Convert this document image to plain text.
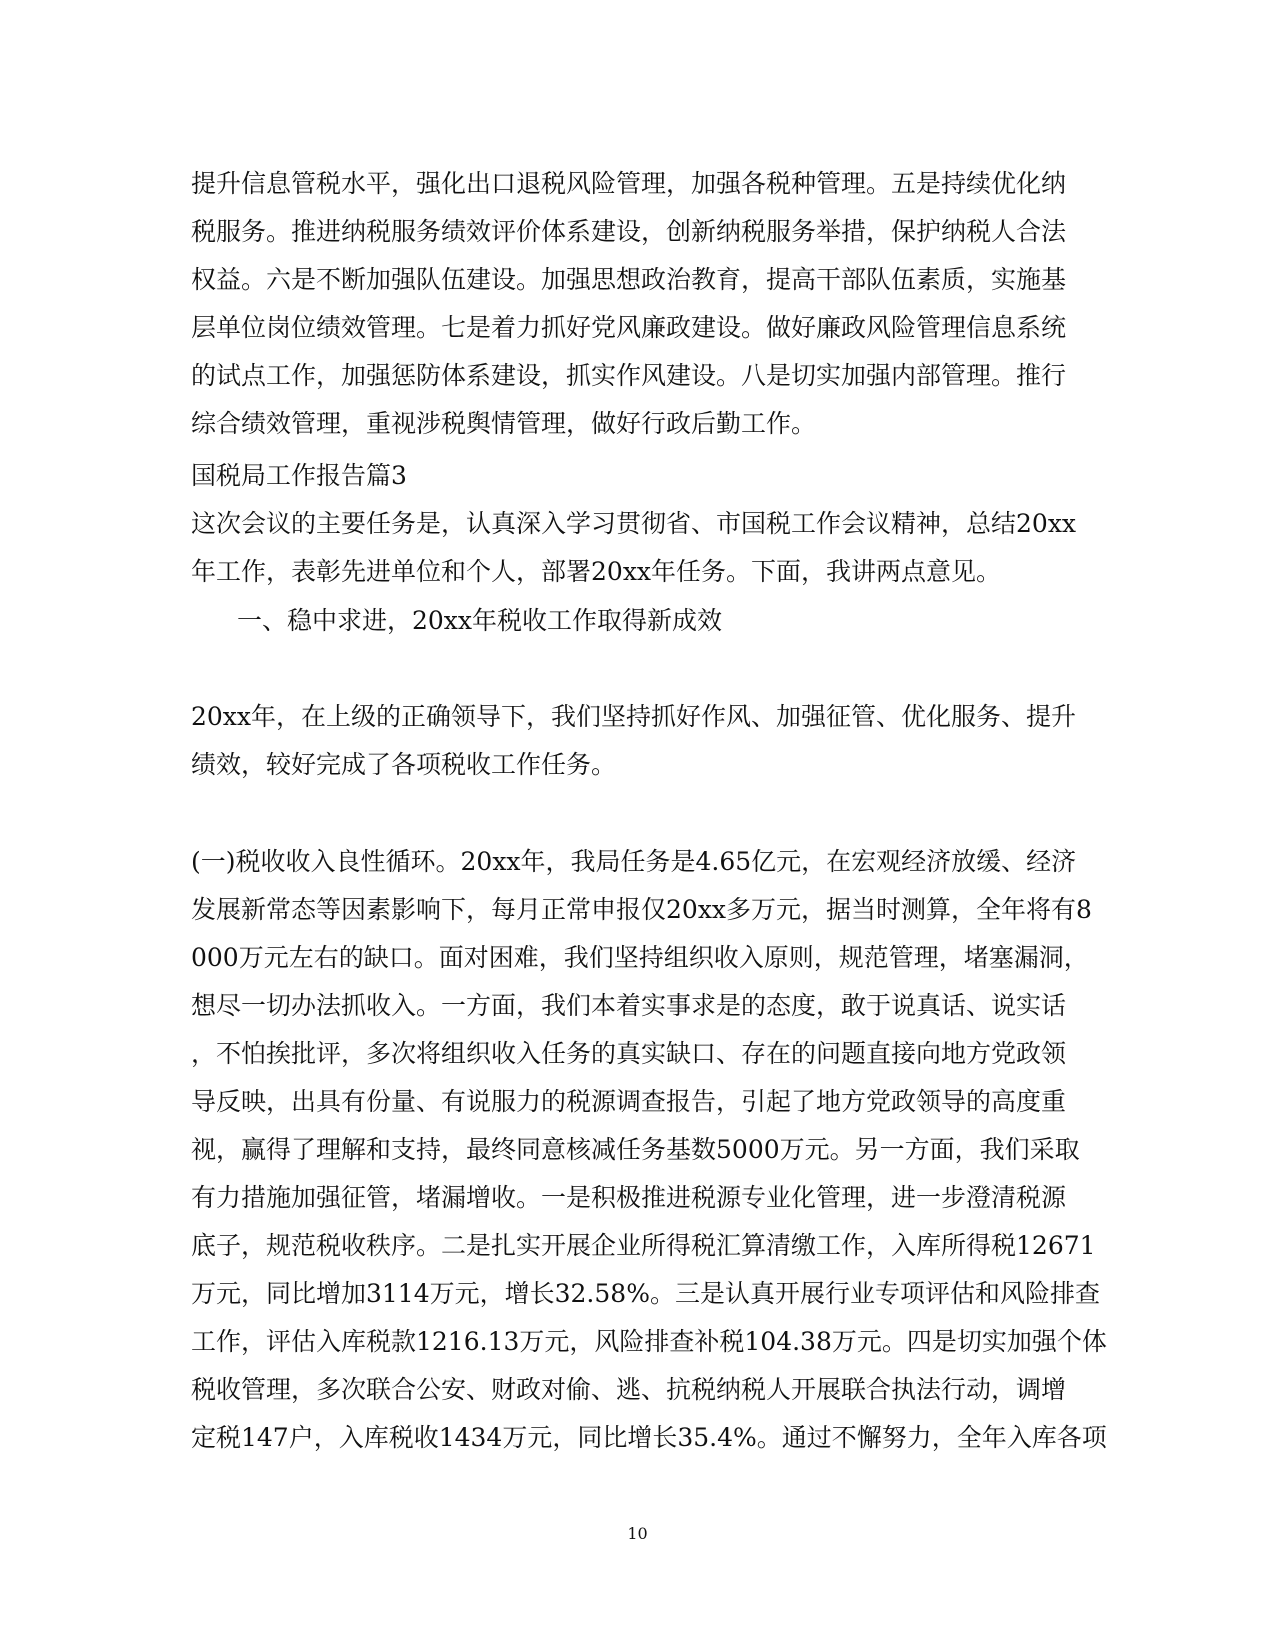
提升信息管税水平，强化出口退税风险管理，加强各税种管理。五是持续优化纳
税服务。推进纳税服务绩效评价体系建设，创新纳税服务举措，保护纳税人合法
权益。六是不断加强队伍建设。加强思想政治教育，提高干部队伍素质，实施基
层单位岗位绩效管理。七是着力抓好党风廉政建设。做好廉政风险管理信息系统
的试点工作，加强惩防体系建设，抓实作风建设。八是切实加强内部管理。推行
综合绩效管理，重视涉税舆情管理，做好行政后勤工作。
国税局工作报告篇3
这次会议的主要任务是，认真深入学习贯彻省、市国税工作会议精神，总结20xx
年工作，表彰先进单位和个人，部署20xx年任务。下面，我讲两点意见。
一、稳中求进，20xx年税收工作取得新成效
20xx年，在上级的正确领导下，我们坚持抓好作风、加强征管、优化服务、提升
绩效，较好完成了各项税收工作任务。
(一)税收收入良性循环。20xx年，我局任务是4.65亿元，在宏观经济放缓、经济
发展新常态等因素影响下，每月正常申报仅20xx多万元，据当时测算，全年将有8
000万元左右的缺口。面对困难，我们坚持组织收入原则，规范管理，堵塞漏洞，
想尽一切办法抓收入。一方面，我们本着实事求是的态度，敢于说真话、说实话
，不怕挨批评，多次将组织收入任务的真实缺口、存在的问题直接向地方党政领
导反映，出具有份量、有说服力的税源调查报告，引起了地方党政领导的高度重
视，赢得了理解和支持，最终同意核减任务基数5000万元。另一方面，我们采取
有力措施加强征管，堵漏增收。一是积极推进税源专业化管理，进一步澄清税源
底子，规范税收秩序。二是扎实开展企业所得税汇算清缴工作，入库所得税12671
万元，同比增加3114万元，增长32.58%。三是认真开展行业专项评估和风险排查
工作，评估入库税款1216.13万元，风险排查补税104.38万元。四是切实加强个体
税收管理，多次联合公安、财政对偷、逃、抗税纳税人开展联合执法行动，调增
定税147户，入库税收1434万元，同比增长35.4%。通过不懈努力，全年入库各项
10
